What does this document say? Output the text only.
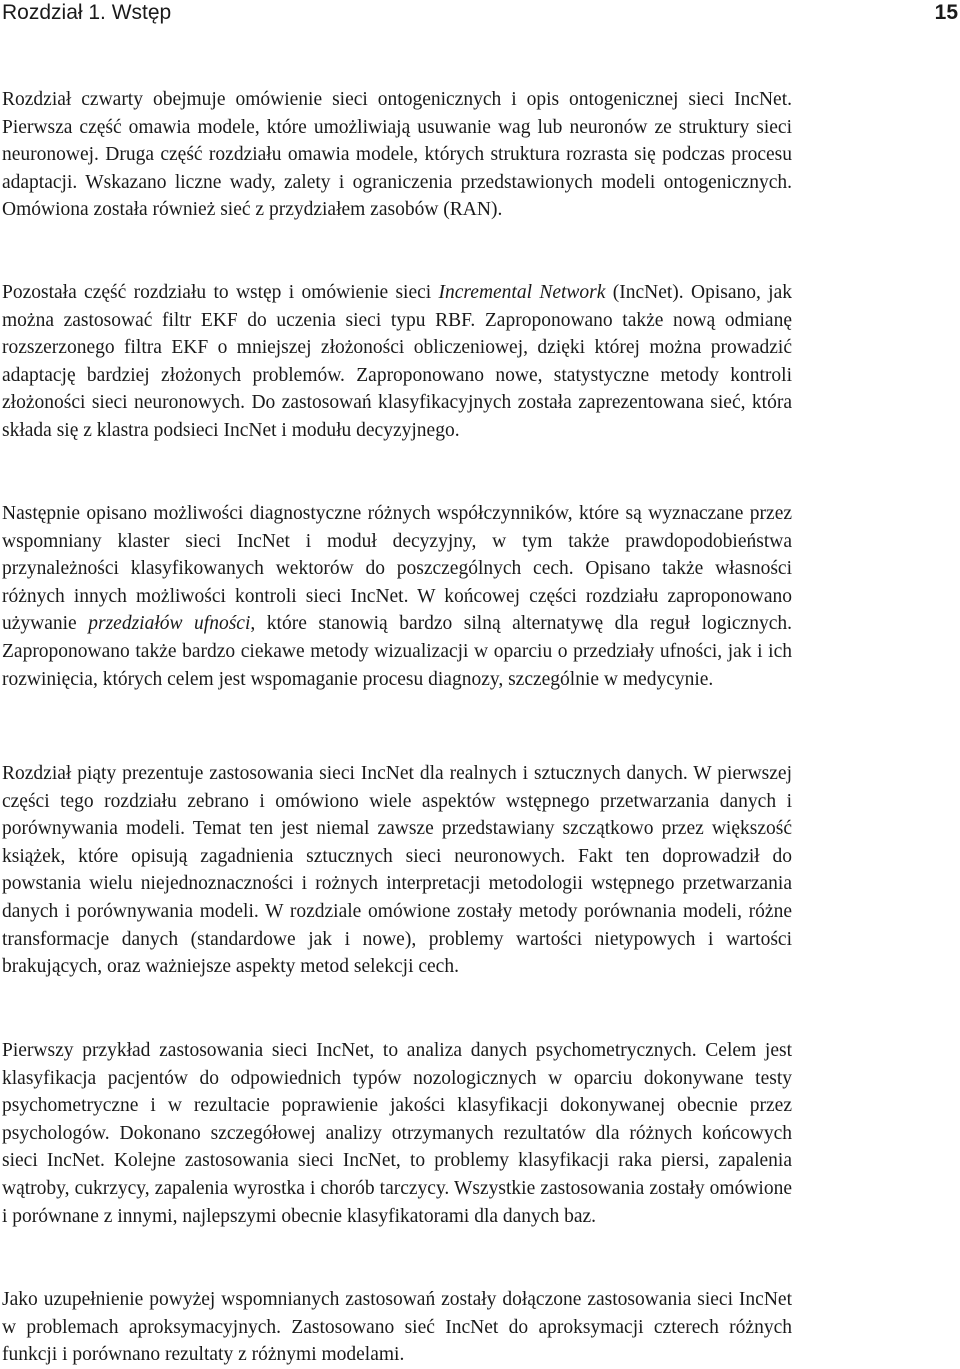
Rozdział 1. Wstęp	15

Rozdział czwarty obejmuje omówienie sieci ontogenicznych i opis ontogenicznej sieci IncNet. Pierwsza część omawia modele, które umożliwiają usuwanie wag lub neuronów ze struktury sieci neuronowej. Druga część rozdziału omawia modele, których struktura rozrasta się podczas procesu adaptacji. Wskazano liczne wady, zalety i ograniczenia przedstawionych modeli ontogenicznych. Omówiona została również sieć z przydziałem zasobów (RAN).

Pozostała część rozdziału to wstęp i omówienie sieci Incremental Network (IncNet). Opisano, jak można zastosować filtr EKF do uczenia sieci typu RBF. Zaproponowano także nową odmianę rozszerzonego filtra EKF o mniejszej złożoności obliczeniowej, dzięki której można prowadzić adaptację bardziej złożonych problemów. Zaproponowano nowe, statystyczne metody kontroli złożoności sieci neuronowych. Do zastosowań klasyfikacyjnych została zaprezentowana sieć, która składa się z klastra podsieci IncNet i modułu decyzyjnego.

Następnie opisano możliwości diagnostyczne różnych współczynników, które są wyznaczane przez wspomniany klaster sieci IncNet i moduł decyzyjny, w tym także prawdopodobieństwa przynależności klasyfikowanych wektorów do poszczególnych cech. Opisano także własności różnych innych możliwości kontroli sieci IncNet. W końcowej części rozdziału zaproponowano używanie przedziałów ufności, które stanowią bardzo silną alternatywę dla reguł logicznych. Zaproponowano także bardzo ciekawe metody wizualizacji w oparciu o przedziały ufności, jak i ich rozwinięcia, których celem jest wspomaganie procesu diagnozy, szczególnie w medycynie.

Rozdział piąty prezentuje zastosowania sieci IncNet dla realnych i sztucznych danych. W pierwszej części tego rozdziału zebrano i omówiono wiele aspektów wstępnego przetwarzania danych i porównywania modeli. Temat ten jest niemal zawsze przedstawiany szczątkowo przez większość książek, które opisują zagadnienia sztucznych sieci neuronowych. Fakt ten doprowadził do powstania wielu niejednoznaczności i rożnych interpretacji metodologii wstępnego przetwarzania danych i porównywania modeli. W rozdziale omówione zostały metody porównania modeli, różne transformacje danych (standardowe jak i nowe), problemy wartości nietypowych i wartości brakujących, oraz ważniejsze aspekty metod selekcji cech.

Pierwszy przykład zastosowania sieci IncNet, to analiza danych psychometrycznych. Celem jest klasyfikacja pacjentów do odpowiednich typów nozologicznych w oparciu dokonywane testy psychometryczne i w rezultacie poprawienie jakości klasyfikacji dokonywanej obecnie przez psychologów. Dokonano szczegółowej analizy otrzymanych rezultatów dla różnych końcowych sieci IncNet. Kolejne zastosowania sieci IncNet, to problemy klasyfikacji raka piersi, zapalenia wątroby, cukrzycy, zapalenia wyrostka i chorób tarczycy. Wszystkie zastosowania zostały omówione i porównane z innymi, najlepszymi obecnie klasyfikatorami dla danych baz.

Jako uzupełnienie powyżej wspomnianych zastosowań zostały dołączone zastosowania sieci IncNet w problemach aproksymacyjnych. Zastosowano sieć IncNet do aproksymacji czterech różnych funkcji i porównano rezultaty z różnymi modelami.
